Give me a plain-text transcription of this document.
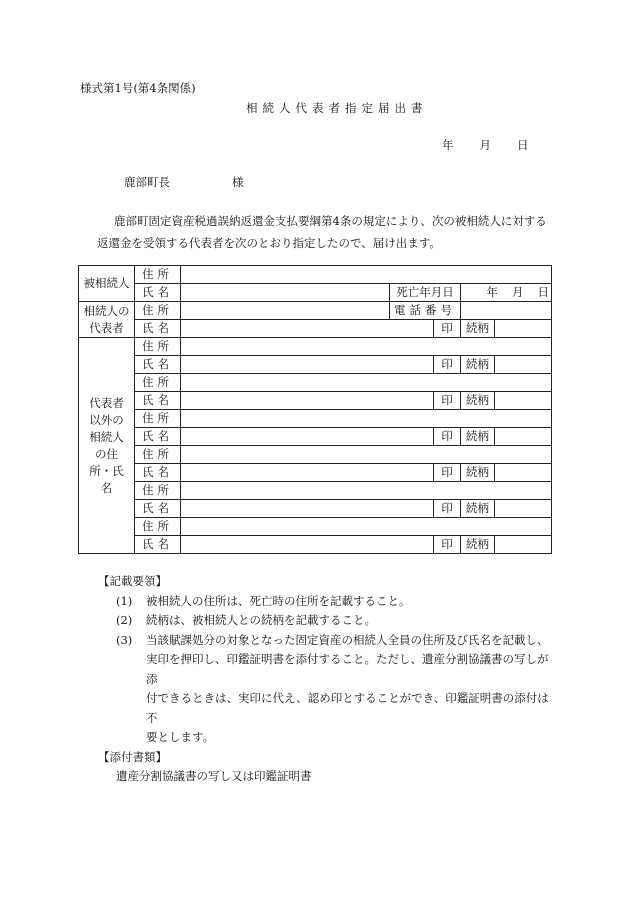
様式第1号(第4条関係)
相続人代表者指定届出書
年 月 日
鹿部町長	様

鹿部町固定資産税過誤納返還金支払要綱第4条の規定により、次の被相続人に対する

返還金を受領する代表者を次のとおり指定したので、届け出ます。

被相続人	住所					
	氏名		死亡年月日		年 月 日	
相続人の代表者	住所		電話番号			
	氏名			印	続柄	
代表者以外の相続人の住所・氏名	住所					
	氏名			印	続柄	
	住所					
	氏名			印	続柄	
	住所					
	氏名			印	続柄	
	住所					
	氏名			印	続柄	
	住所					
	氏名			印	続柄	
	住所					
	氏名			印	続柄	
【記載要領】
(1) 被相続人の住所は、死亡時の住所を記載すること。
(2) 続柄は、被相続人との続柄を記載すること。
(3) 当該賦課処分の対象となった固定資産の相続人全員の住所及び氏名を記載し、
実印を押印し、印鑑証明書を添付すること。ただし、遺産分割協議書の写しが添
付できるときは、実印に代え、認め印とすることができ、印鑑証明書の添付は不
要とします。
【添付書類】
遺産分割協議書の写し又は印鑑証明書
